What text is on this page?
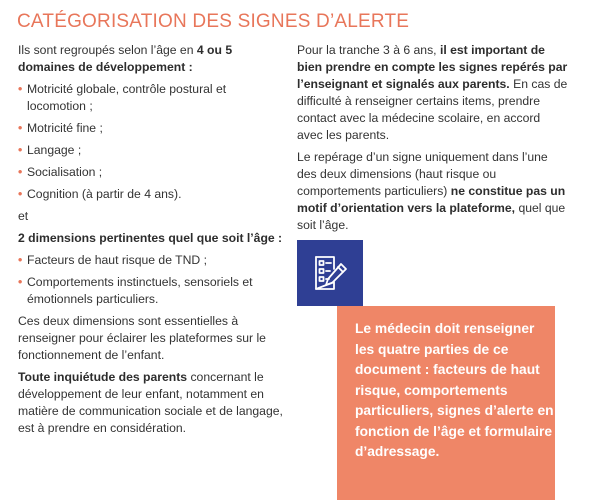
CATÉGORISATION DES SIGNES D’ALERTE

Ils sont regroupés selon l’âge en 4 ou 5 domaines de développement :

• Motricité globale, contrôle postural et locomotion ;
• Motricité fine ;
• Langage ;
• Socialisation ;
• Cognition (à partir de 4 ans).

et

2 dimensions pertinentes quel que soit l’âge :

• Facteurs de haut risque de TND ;
• Comportements instinctuels, sensoriels et émotionnels particuliers.

Ces deux dimensions sont essentielles à renseigner pour éclairer les plateformes sur le fonctionnement de l’enfant.

Toute inquiétude des parents concernant le développement de leur enfant, notamment en matière de communication sociale et de langage, est à prendre en considération.

Pour la tranche 3 à 6 ans, il est important de bien prendre en compte les signes repérés par l’enseignant et signalés aux parents. En cas de difficulté à renseigner certains items, prendre contact avec la médecine scolaire, en accord avec les parents.

Le repérage d’un signe uniquement dans l’une des deux dimensions (haut risque ou comportements particuliers) ne constitue pas un motif d’orientation vers la plateforme, quel que soit l’âge.

Le médecin doit renseigner les quatre parties de ce document : facteurs de haut risque, comportements particuliers, signes d’alerte en fonction de l’âge et formulaire d’adressage.
